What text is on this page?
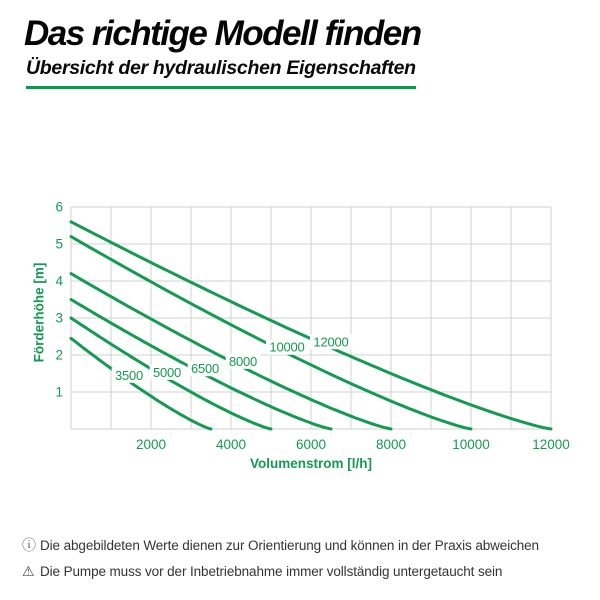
Das richtige Modell finden
Übersicht der hydraulischen Eigenschaften
3500 5000 6500 8000
10000 12000
2000	4000	6000	8000	10000	12000
1
2
3
4
5
6
Volumenstrom [l/h]
Förderhöhe [m]
ⓘ Die abgebildeten Werte dienen zur Orientierung und können in der Praxis abweichen
⚠ Die Pumpe muss vor der Inbetriebnahme immer vollständig untergetaucht sein
